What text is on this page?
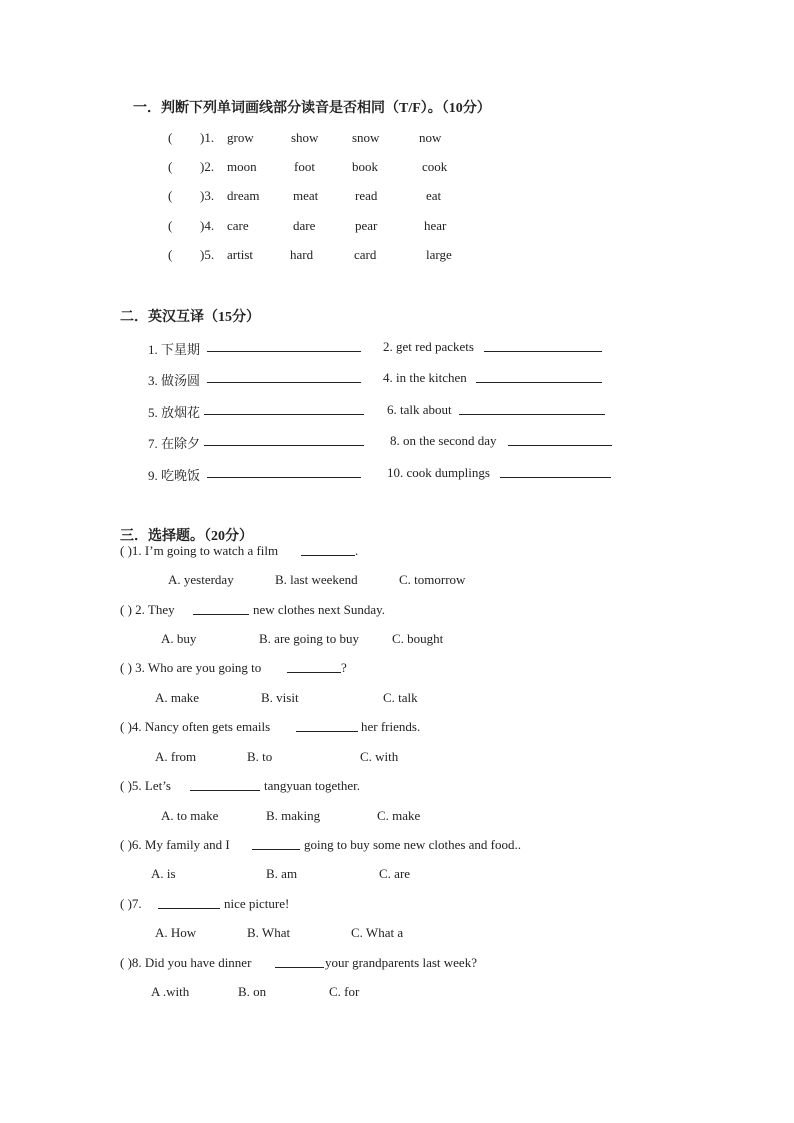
一．判断下列单词画线部分读音是否相同（T/F）。（10分）
( )1. grow	show	snow	now
( )2. moon	foot	book	cook
( )3. dream	meat	read	eat
( )4. care	dare	pear	hear
( )5. artist	hard	card	large
二．英汉互译（15分）
1. 下星期	2. get red packets
3. 做汤圆	4. in the kitchen
5. 放烟花	6. talk about
7. 在除夕	8. on the second day
9. 吃晚饭	10. cook dumplings
三．选择题。（20分）
( )1. I’m going to watch a film	.
A. yesterday	B. last weekend	C. tomorrow
( ) 2. They	new clothes next Sunday.
A. buy	B. are going to buy	C. bought
( ) 3. Who are you going to	?
A. make	B. visit	C. talk
( )4. Nancy often gets emails	her friends.
A. from	B. to	C. with
( )5. Let’s	tangyuan together.
A. to make	B. making	C. make
( )6. My family and I	going to buy some new clothes and food..
A. is	B. am	C. are
( )7.	nice picture!
A. How	B. What	C. What a
( )8. Did you have dinner	your grandparents last week?
A .with	B. on	C. for
